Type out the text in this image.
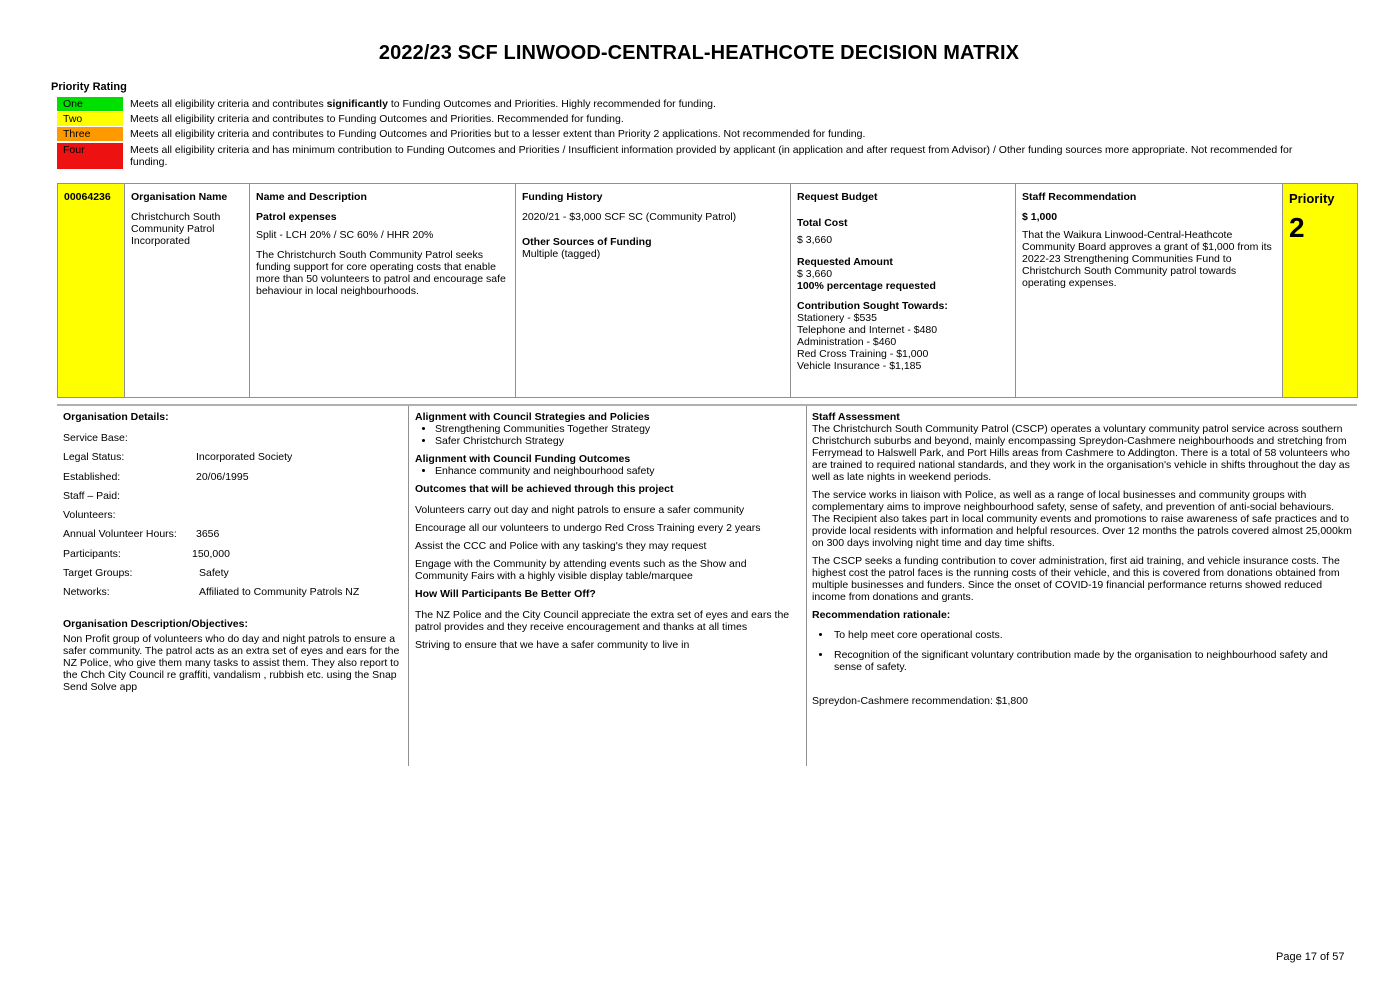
2022/23 SCF LINWOOD-CENTRAL-HEATHCOTE DECISION MATRIX
Priority Rating
One	Meets all eligibility criteria and contributes significantly to Funding Outcomes and Priorities. Highly recommended for funding.
Two	Meets all eligibility criteria and contributes to Funding Outcomes and Priorities. Recommended for funding.
Three	Meets all eligibility criteria and contributes to Funding Outcomes and Priorities but to a lesser extent than Priority 2 applications. Not recommended for funding.
Four	Meets all eligibility criteria and has minimum contribution to Funding Outcomes and Priorities / Insufficient information provided by applicant (in application and after request from Advisor) / Other funding sources more appropriate. Not recommended for funding.
00064236	Organisation Name
Christchurch South Community Patrol Incorporated

Name and Description
Patrol expenses
Split - LCH 20% / SC 60% / HHR 20%
The Christchurch South Community Patrol seeks funding support for core operating costs that enable more than 50 volunteers to patrol and encourage safe behaviour in local neighbourhoods.

Funding History
2020/21 - $3,000 SCF SC (Community Patrol)
Other Sources of Funding
Multiple (tagged)

Request Budget
Total Cost
$ 3,660
Requested Amount
$ 3,660
100% percentage requested
Contribution Sought Towards:
Stationery - $535
Telephone and Internet - $480
Administration - $460
Red Cross Training - $1,000
Vehicle Insurance - $1,185

Staff Recommendation
$ 1,000
That the Waikura Linwood-Central-Heathcote Community Board approves a grant of $1,000 from its 2022-23 Strengthening Communities Fund to Christchurch South Community patrol towards operating expenses.

Priority
2
Organisation Details:
Service Base:
Legal Status:	Incorporated Society
Established:	20/06/1995
Staff – Paid:
Volunteers:
Annual Volunteer Hours: 3656
Participants:	150,000
Target Groups:	Safety
Networks:	Affiliated to Community Patrols NZ
Organisation Description/Objectives:
Non Profit group of volunteers who do day and night patrols to ensure a safer community. The patrol acts as an extra set of eyes and ears for the NZ Police, who give them many tasks to assist them. They also report to the Chch City Council re graffiti, vandalism , rubbish etc. using the Snap Send Solve app
Alignment with Council Strategies and Policies
• Strengthening Communities Together Strategy
• Safer Christchurch Strategy
Alignment with Council Funding Outcomes
• Enhance community and neighbourhood safety
Outcomes that will be achieved through this project
Volunteers carry out day and night patrols to ensure a safer community
Encourage all our volunteers to undergo Red Cross Training every 2 years
Assist the CCC and Police with any tasking's they may request
Engage with the Community by attending events such as the Show and Community Fairs with a highly visible display table/marquee
How Will Participants Be Better Off?
The NZ Police and the City Council appreciate the extra set of eyes and ears the patrol provides and they receive encouragement and thanks at all times
Striving to ensure that we have a safer community to live in
Staff Assessment
The Christchurch South Community Patrol (CSCP) operates a voluntary community patrol service across southern Christchurch suburbs and beyond, mainly encompassing Spreydon-Cashmere neighbourhoods and stretching from Ferrymead to Halswell Park, and Port Hills areas from Cashmere to Addington. There is a total of 58 volunteers who are trained to required national standards, and they work in the organisation's vehicle in shifts throughout the day as well as late nights in weekend periods.
The service works in liaison with Police, as well as a range of local businesses and community groups with complementary aims to improve neighbourhood safety, sense of safety, and prevention of anti-social behaviours. The Recipient also takes part in local community events and promotions to raise awareness of safe practices and to provide local residents with information and helpful resources. Over 12 months the patrols covered almost 25,000km on 300 days involving night time and day time shifts.
The CSCP seeks a funding contribution to cover administration, first aid training, and vehicle insurance costs. The highest cost the patrol faces is the running costs of their vehicle, and this is covered from donations obtained from multiple businesses and funders. Since the onset of COVID-19 financial performance returns showed reduced income from donations and grants.
Recommendation rationale:
• To help meet core operational costs.
• Recognition of the significant voluntary contribution made by the organisation to neighbourhood safety and sense of safety.
Spreydon-Cashmere recommendation: $1,800
Page 17 of 57
